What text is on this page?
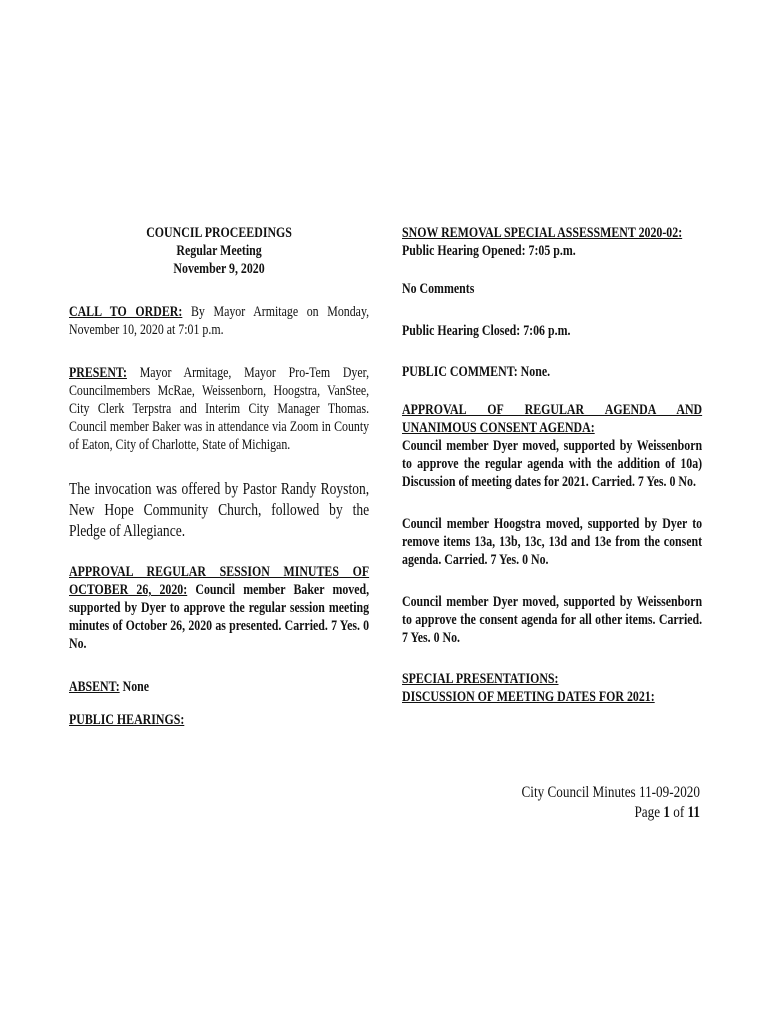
COUNCIL PROCEEDINGS
Regular Meeting
November 9, 2020

CALL TO ORDER: By Mayor Armitage on Monday, November 10, 2020 at 7:01 p.m.

PRESENT: Mayor Armitage, Mayor Pro-Tem Dyer, Councilmembers McRae, Weissenborn, Hoogstra, VanStee, City Clerk Terpstra and Interim City Manager Thomas. Council member Baker was in attendance via Zoom in County of Eaton, City of Charlotte, State of Michigan.

The invocation was offered by Pastor Randy Royston, New Hope Community Church, followed by the Pledge of Allegiance.

APPROVAL REGULAR SESSION MINUTES OF OCTOBER 26, 2020: Council member Baker moved, supported by Dyer to approve the regular session meeting minutes of October 26, 2020 as presented. Carried. 7 Yes. 0 No.

ABSENT: None

PUBLIC HEARINGS:

SNOW REMOVAL SPECIAL ASSESSMENT 2020-02:

Public Hearing Opened: 7:05 p.m.

No Comments

Public Hearing Closed: 7:06 p.m.

PUBLIC COMMENT: None.

APPROVAL OF REGULAR AGENDA AND UNANIMOUS CONSENT AGENDA:

Council member Dyer moved, supported by Weissenborn to approve the regular agenda with the addition of 10a) Discussion of meeting dates for 2021. Carried. 7 Yes. 0 No.

Council member Hoogstra moved, supported by Dyer to remove items 13a, 13b, 13c, 13d and 13e from the consent agenda. Carried. 7 Yes. 0 No.

Council member Dyer moved, supported by Weissenborn to approve the consent agenda for all other items. Carried. 7 Yes. 0 No.

SPECIAL PRESENTATIONS:

DISCUSSION OF MEETING DATES FOR 2021:

City Council Minutes 11-09-2020
Page 1 of 11
